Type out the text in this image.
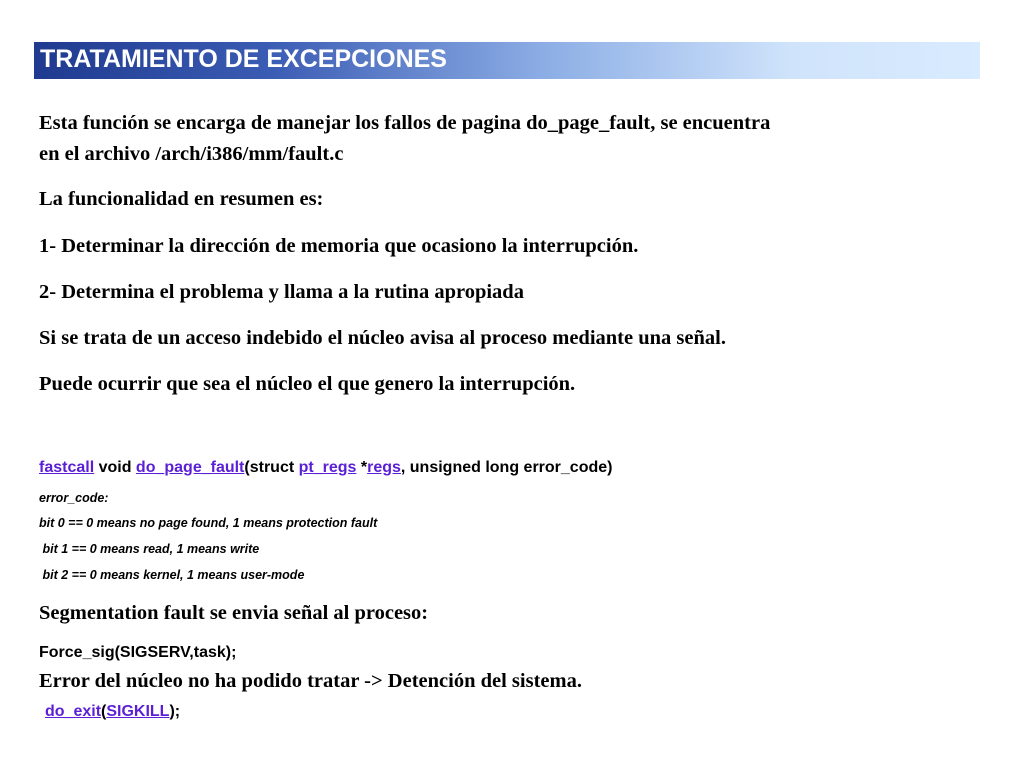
TRATAMIENTO DE EXCEPCIONES
Esta función se encarga de manejar los fallos de pagina do_page_fault, se encuentra
en el archivo /arch/i386/mm/fault.c
La funcionalidad en resumen es:
1- Determinar la dirección de memoria que ocasiono la interrupción.
2- Determina el problema y llama a la rutina apropiada
Si se trata de un acceso indebido el núcleo avisa al proceso mediante una señal.
Puede ocurrir que sea el núcleo el que genero la interrupción.
fastcall void do_page_fault(struct pt_regs *regs, unsigned long error_code)
error_code:
bit 0 == 0 means no page found, 1 means protection fault
bit 1 == 0 means read, 1 means write
bit 2 == 0 means kernel, 1 means user-mode
Segmentation fault se envia señal al proceso:
Force_sig(SIGSERV,task);
Error del núcleo no ha podido tratar -> Detención del sistema.
do_exit(SIGKILL);
